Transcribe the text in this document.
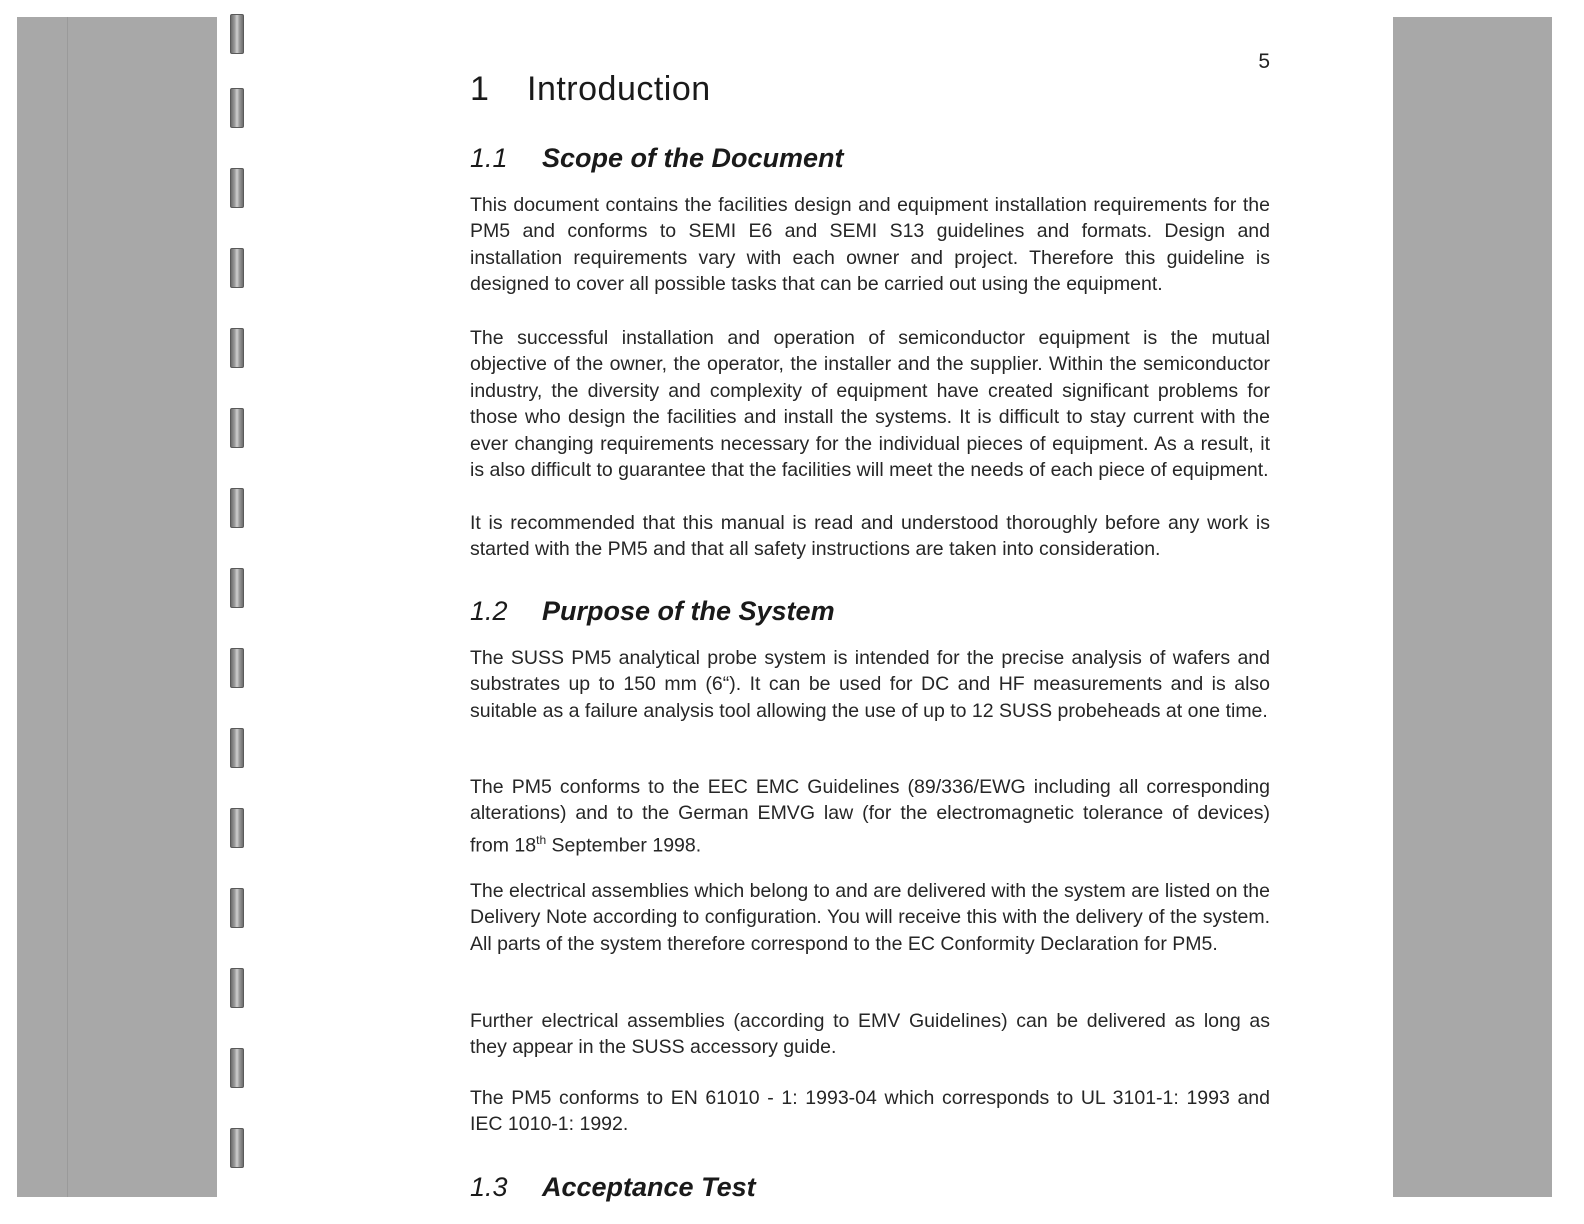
5
1 Introduction
1.1 Scope of the Document

This document contains the facilities design and equipment installation requirements for the PM5 and conforms to SEMI E6 and SEMI S13 guidelines and formats. Design and installation requirements vary with each owner and project. Therefore this guideline is designed to cover all possible tasks that can be carried out using the equipment.

The successful installation and operation of semiconductor equipment is the mutual objective of the owner, the operator, the installer and the supplier. Within the semiconductor industry, the diversity and complexity of equipment have created significant problems for those who design the facilities and install the systems. It is difficult to stay current with the ever changing requirements necessary for the individual pieces of equipment. As a result, it is also difficult to guarantee that the facilities will meet the needs of each piece of equipment.

It is recommended that this manual is read and understood thoroughly before any work is started with the PM5 and that all safety instructions are taken into consideration.

1.2 Purpose of the System

The SUSS PM5 analytical probe system is intended for the precise analysis of wafers and substrates up to 150 mm (6“). It can be used for DC and HF measurements and is also suitable as a failure analysis tool allowing the use of up to 12 SUSS probeheads at one time.

The PM5 conforms to the EEC EMC Guidelines (89/336/EWG including all corresponding alterations) and to the German EMVG law (for the electromagnetic tolerance of devices) from 18th September 1998.

The electrical assemblies which belong to and are delivered with the system are listed on the Delivery Note according to configuration. You will receive this with the delivery of the system. All parts of the system therefore correspond to the EC Conformity Declaration for PM5.

Further electrical assemblies (according to EMV Guidelines) can be delivered as long as they appear in the SUSS accessory guide.

The PM5 conforms to EN 61010 - 1: 1993-04 which corresponds to UL 3101-1: 1993 and IEC 1010-1: 1992.

1.3 Acceptance Test
